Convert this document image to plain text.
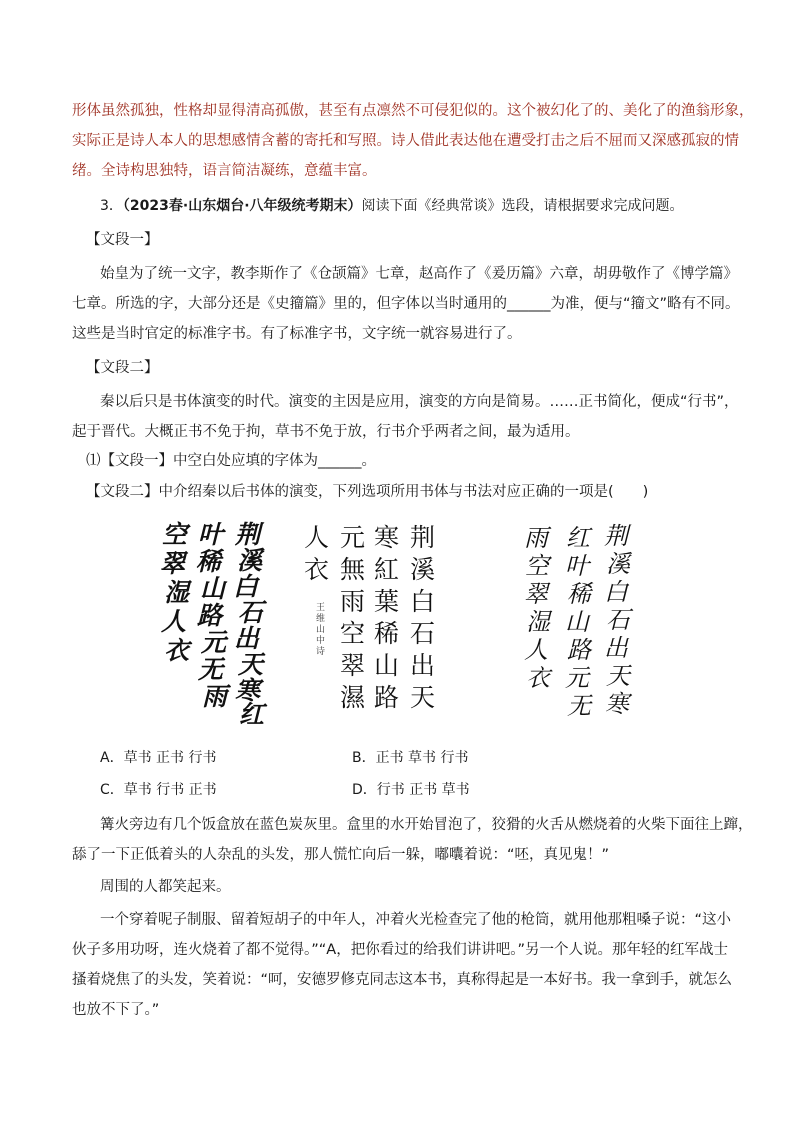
形体虽然孤独，性格却显得清高孤傲，甚至有点凛然不可侵犯似的。这个被幻化了的、美化了的渔翁形象，
实际正是诗人本人的思想感情含蓄的寄托和写照。诗人借此表达他在遭受打击之后不屈而又深感孤寂的情
绪。全诗构思独特，语言简洁凝练，意蕴丰富。
3．（2023春·山东烟台·八年级统考期末）阅读下面《经典常谈》选段，请根据要求完成问题。
【文段一】
始皇为了统一文字，教李斯作了《仓颉篇》七章，赵高作了《爰历篇》六章，胡毋敬作了《博学篇》
七章。所选的字，大部分还是《史籀篇》里的，但字体以当时通用的______为准，便与“籀文”略有不同。
这些是当时官定的标准字书。有了标准字书，文字统一就容易进行了。
【文段二】
秦以后只是书体演变的时代。演变的主因是应用，演变的方向是简易。……正书简化，便成“行书”，
起于晋代。大概正书不免于拘，草书不免于放，行书介乎两者之间，最为适用。
⑴【文段一】中空白处应填的字体为______。
【文段二】中介绍秦以后书体的演变，下列选项所用书体与书法对应正确的一项是(　　)
荆溪白石出天寒红
叶稀山路元无雨
空翠湿人衣
荆溪白石出天
寒紅葉稀山路
元無雨空翠濕
人衣
王维山中诗
荆溪白石出天寒
红叶稀山路元无
雨空翠湿人衣
A．草书 正书 行书	B．正书 草书 行书
C．草书 行书 正书	D．行书 正书 草书
篝火旁边有几个饭盒放在蓝色炭灰里。盒里的水开始冒泡了，狡猾的火舌从燃烧着的火柴下面往上蹿，
舔了一下正低着头的人杂乱的头发，那人慌忙向后一躲，嘟囔着说：“呸，真见鬼！”
周围的人都笑起来。
一个穿着呢子制服、留着短胡子的中年人，冲着火光检查完了他的枪筒，就用他那粗嗓子说：“这小
伙子多用功呀，连火烧着了都不觉得。”“A，把你看过的给我们讲讲吧。”另一个人说。那年轻的红军战士
搔着烧焦了的头发，笑着说：“呵，安德罗修克同志这本书，真称得起是一本好书。我一拿到手，就怎么
也放不下了。”
